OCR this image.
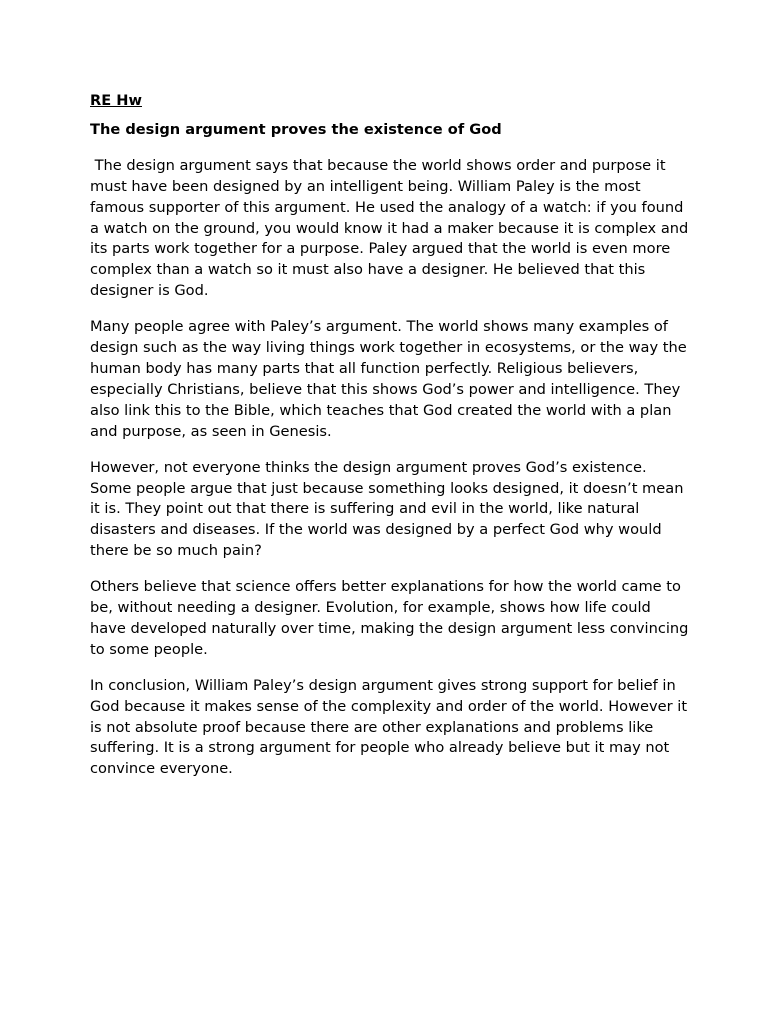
RE Hw
The design argument proves the existence of God

The design argument says that because the world shows order and purpose it must have been designed by an intelligent being. William Paley is the most famous supporter of this argument. He used the analogy of a watch: if you found a watch on the ground, you would know it had a maker because it is complex and its parts work together for a purpose. Paley argued that the world is even more complex than a watch so it must also have a designer. He believed that this designer is God.

Many people agree with Paley’s argument. The world shows many examples of design such as the way living things work together in ecosystems, or the way the human body has many parts that all function perfectly. Religious believers, especially Christians, believe that this shows God’s power and intelligence. They also link this to the Bible, which teaches that God created the world with a plan and purpose, as seen in Genesis.

However, not everyone thinks the design argument proves God’s existence. Some people argue that just because something looks designed, it doesn’t mean it is. They point out that there is suffering and evil in the world, like natural disasters and diseases. If the world was designed by a perfect God why would there be so much pain?

Others believe that science offers better explanations for how the world came to be, without needing a designer. Evolution, for example, shows how life could have developed naturally over time, making the design argument less convincing to some people.

In conclusion, William Paley’s design argument gives strong support for belief in God because it makes sense of the complexity and order of the world. However it is not absolute proof because there are other explanations and problems like suffering. It is a strong argument for people who already believe but it may not convince everyone.
